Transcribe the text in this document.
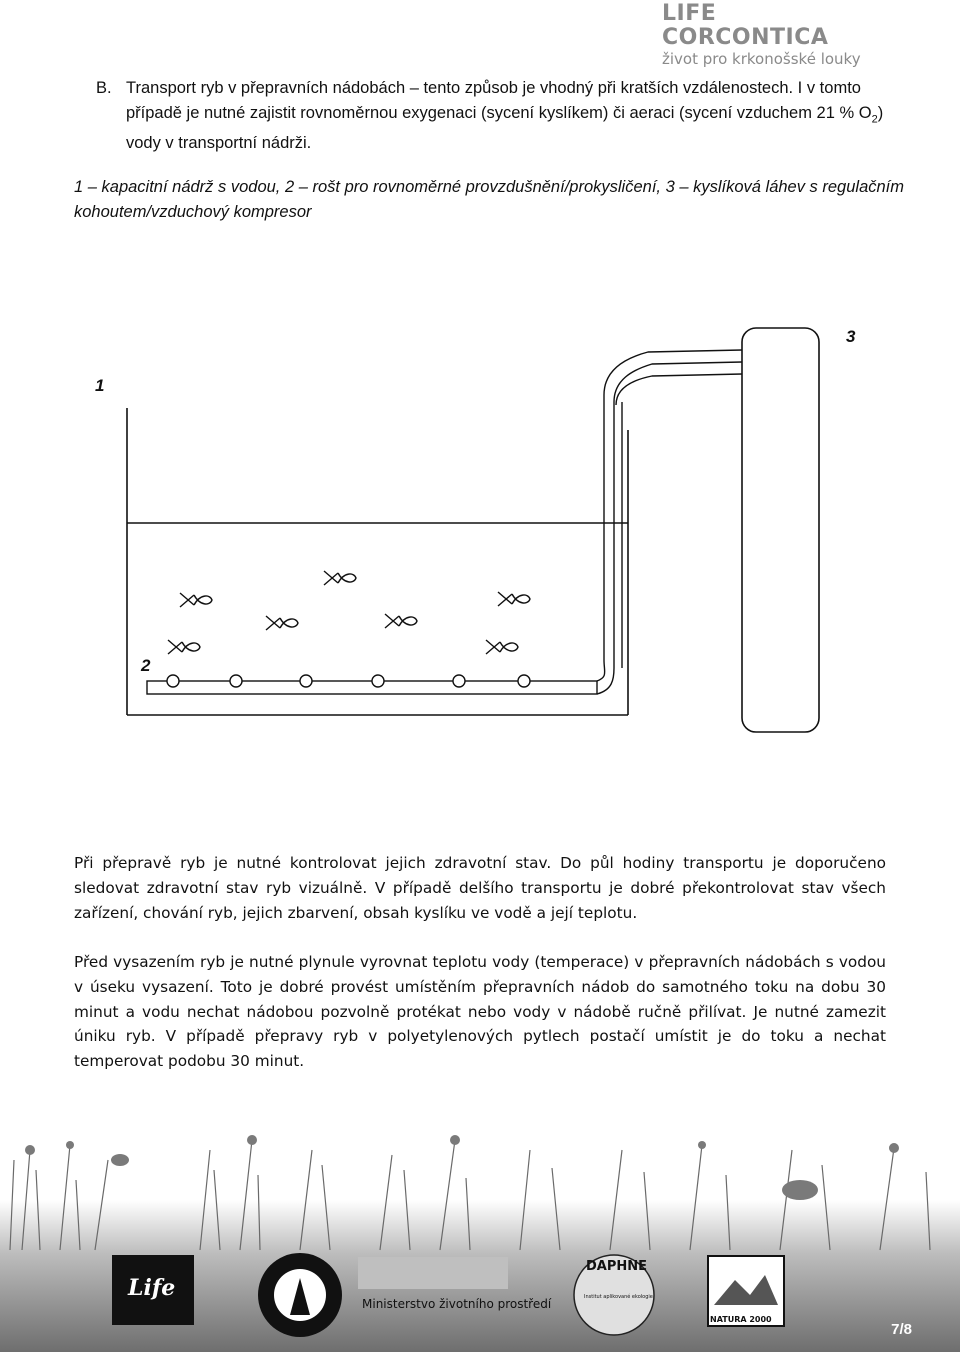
LIFE CORCONTICA
život pro krkonošské louky
B. Transport ryb v přepravních nádobách – tento způsob je vhodný při kratších vzdálenostech. I v tomto případě je nutné zajistit rovnoměrnou exygenaci (sycení kyslíkem) či aeraci (sycení vzduchem 21 % $O_2$) vody v transportní nádrži.
1 – kapacitní nádrž s vodou, 2 – rošt pro rovnoměrné provzdušnění/prokysličení, 3 – kyslíková láhev s regulačním kohoutem/vzduchový kompresor
1
2
3
Při přepravě ryb je nutné kontrolovat jejich zdravotní stav. Do půl hodiny transportu je doporučeno sledovat zdravotní stav ryb vizuálně. V případě delšího transportu je dobré překontrolovat stav všech zařízení, chování ryb, jejich zbarvení, obsah kyslíku ve vodě a její teplotu.
Před vysazením ryb je nutné plynule vyrovnat teplotu vody (temperace) v přepravních nádobách s vodou v úseku vysazení. Toto je dobré provést umístěním přepravních nádob do samotného toku na dobu 30 minut a vodu nechat nádobou pozvolně protékat nebo vody v nádobě ručně přilívat. Je nutné zamezit úniku ryb. V případě přepravy ryb v polyetylenových pytlech postačí umístit je do toku a nechat temperovat podobu 30 minut.
Life
Ministerstvo životního prostředí
DAPHNE
Institut aplikované ekologie
NATURA 2000
7/8
